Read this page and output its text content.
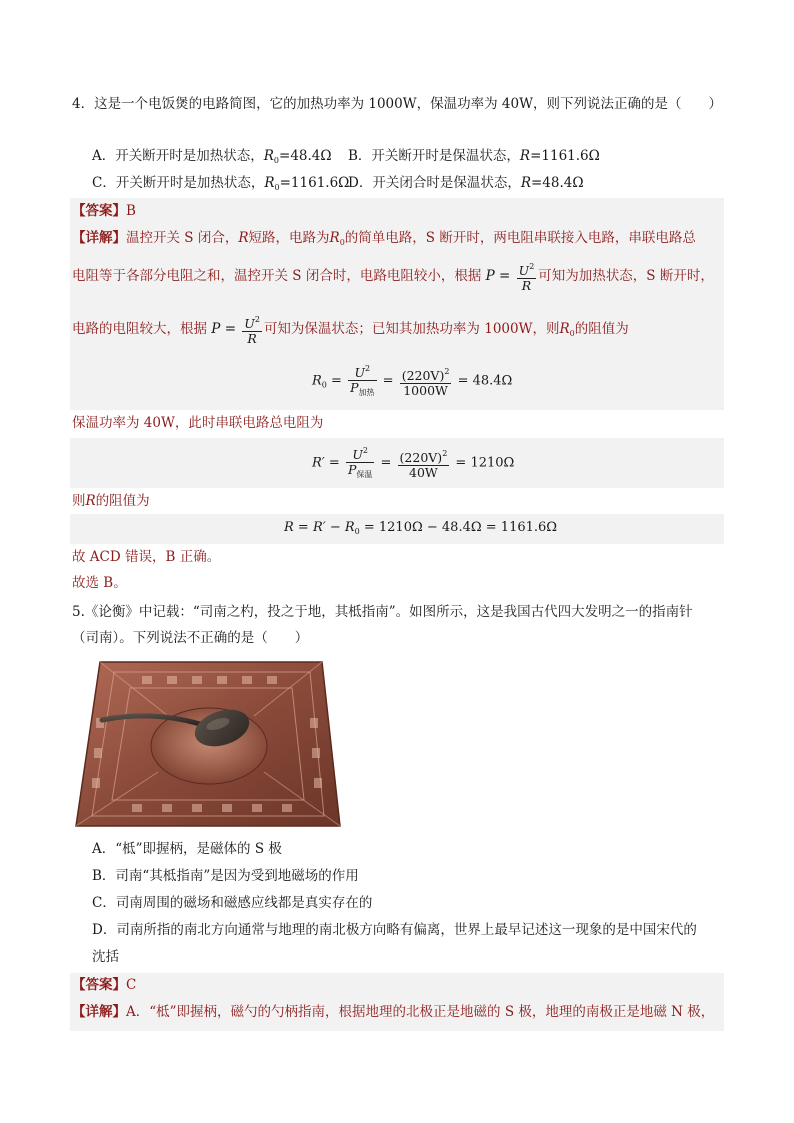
4．这是一个电饭煲的电路简图，它的加热功率为 1000W，保温功率为 40W，则下列说法正确的是（　　）
A．开关断开时是加热状态，$R_0=48.4\Omega$ B．开关断开时是保温状态，R=1161.6Ω
C．开关断开时是加热状态，$R_0=1161.6\Omega$
D．开关闭合时是保温状态，R=48.4Ω
【答案】B
【详解】温控开关 S 闭合，R短路，电路为$R_0$的简单电路，S 断开时，两电阻串联接入电路，串联电路总
电阻等于各部分电阻之和，温控开关 S 闭合时，电路电阻较小，根据 $P = \frac{U^2}{R}$ 可知为加热状态，S 断开时，
电路的电阻较大，根据 $P = \frac{U^2}{R}$ 可知为保温状态；已知其加热功率为 1000W，则$R_0$的阻值为
$R_0 = \frac{U^2}{P_{加热}} = \frac{(220V)^2}{1000W} = 48.4\Omega$
保温功率为 40W，此时串联电路总电阻为
$R' = \frac{U^2}{P_{保温}} = \frac{(220V)^2}{40W} = 1210\Omega$
则R的阻值为
$R = R' - R_0 = 1210\Omega - 48.4\Omega = 1161.6\Omega$
故 ACD 错误，B 正确。
故选 B。
5.《论衡》中记载：“司南之杓，投之于地，其柢指南”。如图所示，这是我国古代四大发明之一的指南针
（司南）。下列说法不正确的是（　　）
A．“柢”即握柄，是磁体的 S 极
B．司南“其柢指南”是因为受到地磁场的作用
C．司南周围的磁场和磁感应线都是真实存在的
D．司南所指的南北方向通常与地理的南北极方向略有偏离，世界上最早记述这一现象的是中国宋代的
沈括
【答案】C
【详解】A．“柢”即握柄，磁勺的勺柄指南，根据地理的北极正是地磁的 S 极，地理的南极正是地磁 N 极，
